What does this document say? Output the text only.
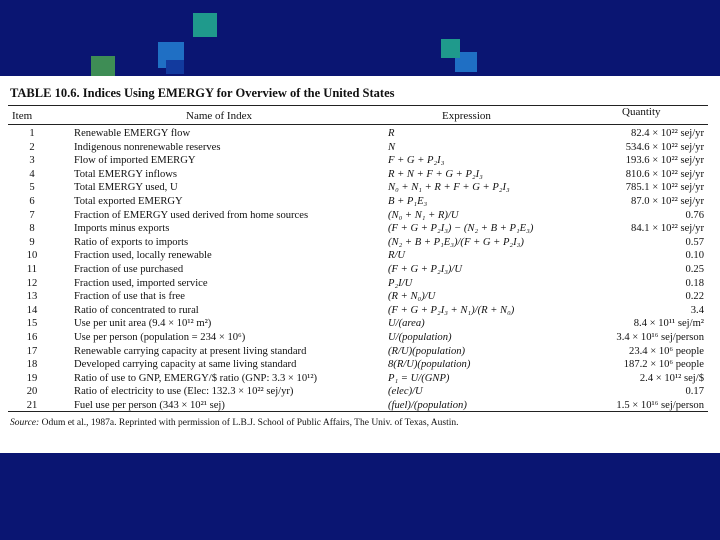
TABLE 10.6. Indices Using EMERGY for Overview of the United States
Item	Name of Index	Expression	Quantity
1	Renewable EMERGY flow	R	82.4 × 10²² sej/yr
2	Indigenous nonrenewable reserves	N	534.6 × 10²² sej/yr
3	Flow of imported EMERGY	F + G + P₂I₃	193.6 × 10²² sej/yr
4	Total EMERGY inflows	R + N + F + G + P₂I₃	810.6 × 10²² sej/yr
5	Total EMERGY used, U	N₀ + N₁ + R + F + G + P₂I₃	785.1 × 10²² sej/yr
6	Total exported EMERGY	B + P₁E₃	87.0 × 10²² sej/yr
7	Fraction of EMERGY used derived from home sources	(N₀ + N₁ + R)/U	0.76
8	Imports minus exports	(F + G + P₂I₃) − (N₂ + B + P₁E₃)	84.1 × 10²² sej/yr
9	Ratio of exports to imports	(N₂ + B + P₁E₃)/(F + G + P₂I₃)	0.57
10	Fraction used, locally renewable	R/U	0.10
11	Fraction of use purchased	(F + G + P₂I₃)/U	0.25
12	Fraction used, imported service	P₂I/U	0.18
13	Fraction of use that is free	(R + N₀)/U	0.22
14	Ratio of concentrated to rural	(F + G + P₂I₃ + N₁)/(R + N₀)	3.4
15	Use per unit area (9.4 × 10¹² m²)	U/(area)	8.4 × 10¹¹ sej/m²
16	Use per person (population = 234 × 10⁶)	U/(population)	3.4 × 10¹⁶ sej/person
17	Renewable carrying capacity at present living standard	(R/U)(population)	23.4 × 10⁶ people
18	Developed carrying capacity at same living standard	8(R/U)(population)	187.2 × 10⁶ people
19	Ratio of use to GNP, EMERGY/$ ratio (GNP: 3.3 × 10¹²)	P₁ = U/(GNP)	2.4 × 10¹² sej/$
20	Ratio of electricity to use (Elec: 132.3 × 10²² sej/yr)	(elec)/U	0.17
21	Fuel use per person (343 × 10²¹ sej)	(fuel)/(population)	1.5 × 10¹⁶ sej/person
Source: Odum et al., 1987a. Reprinted with permission of L.B.J. School of Public Affairs, The Univ. of Texas, Austin.
